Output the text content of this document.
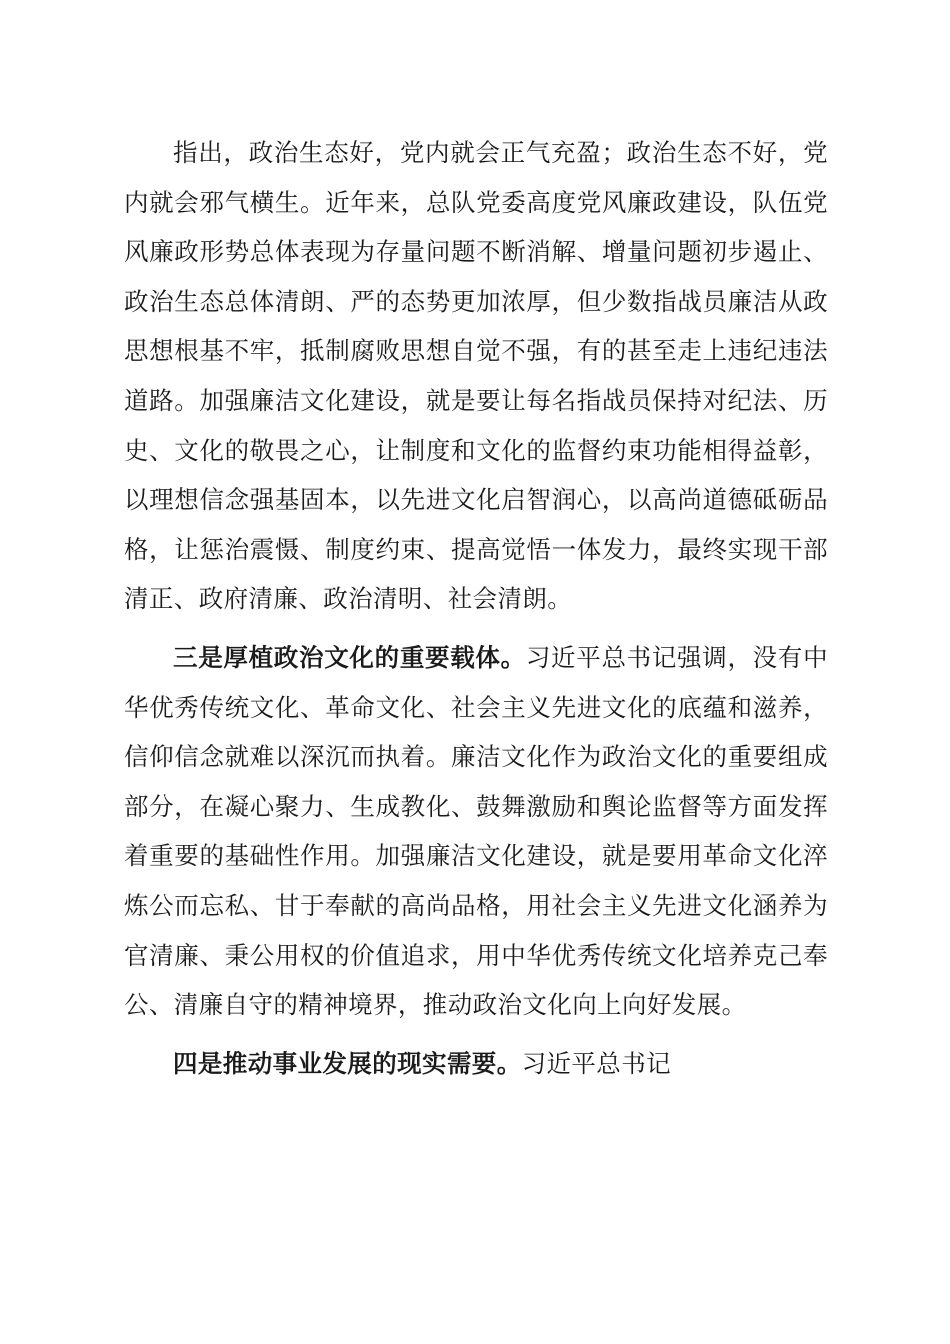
指出，政治生态好，党内就会正气充盈；政治生态不好，党内就会邪气横生。近年来，总队党委高度党风廉政建设，队伍党风廉政形势总体表现为存量问题不断消解、增量问题初步遏止、政治生态总体清朗、严的态势更加浓厚，但少数指战员廉洁从政思想根基不牢，抵制腐败思想自觉不强，有的甚至走上违纪违法道路。加强廉洁文化建设，就是要让每名指战员保持对纪法、历史、文化的敬畏之心，让制度和文化的监督约束功能相得益彰，以理想信念强基固本，以先进文化启智润心，以高尚道德砥砺品格，让惩治震慑、制度约束、提高觉悟一体发力，最终实现干部清正、政府清廉、政治清明、社会清朗。

三是厚植政治文化的重要载体。习近平总书记强调，没有中华优秀传统文化、革命文化、社会主义先进文化的底蕴和滋养，信仰信念就难以深沉而执着。廉洁文化作为政治文化的重要组成部分，在凝心聚力、生成教化、鼓舞激励和舆论监督等方面发挥着重要的基础性作用。加强廉洁文化建设，就是要用革命文化淬炼公而忘私、甘于奉献的高尚品格，用社会主义先进文化涵养为官清廉、秉公用权的价值追求，用中华优秀传统文化培养克己奉公、清廉自守的精神境界，推动政治文化向上向好发展。

四是推动事业发展的现实需要。习近平总书记
